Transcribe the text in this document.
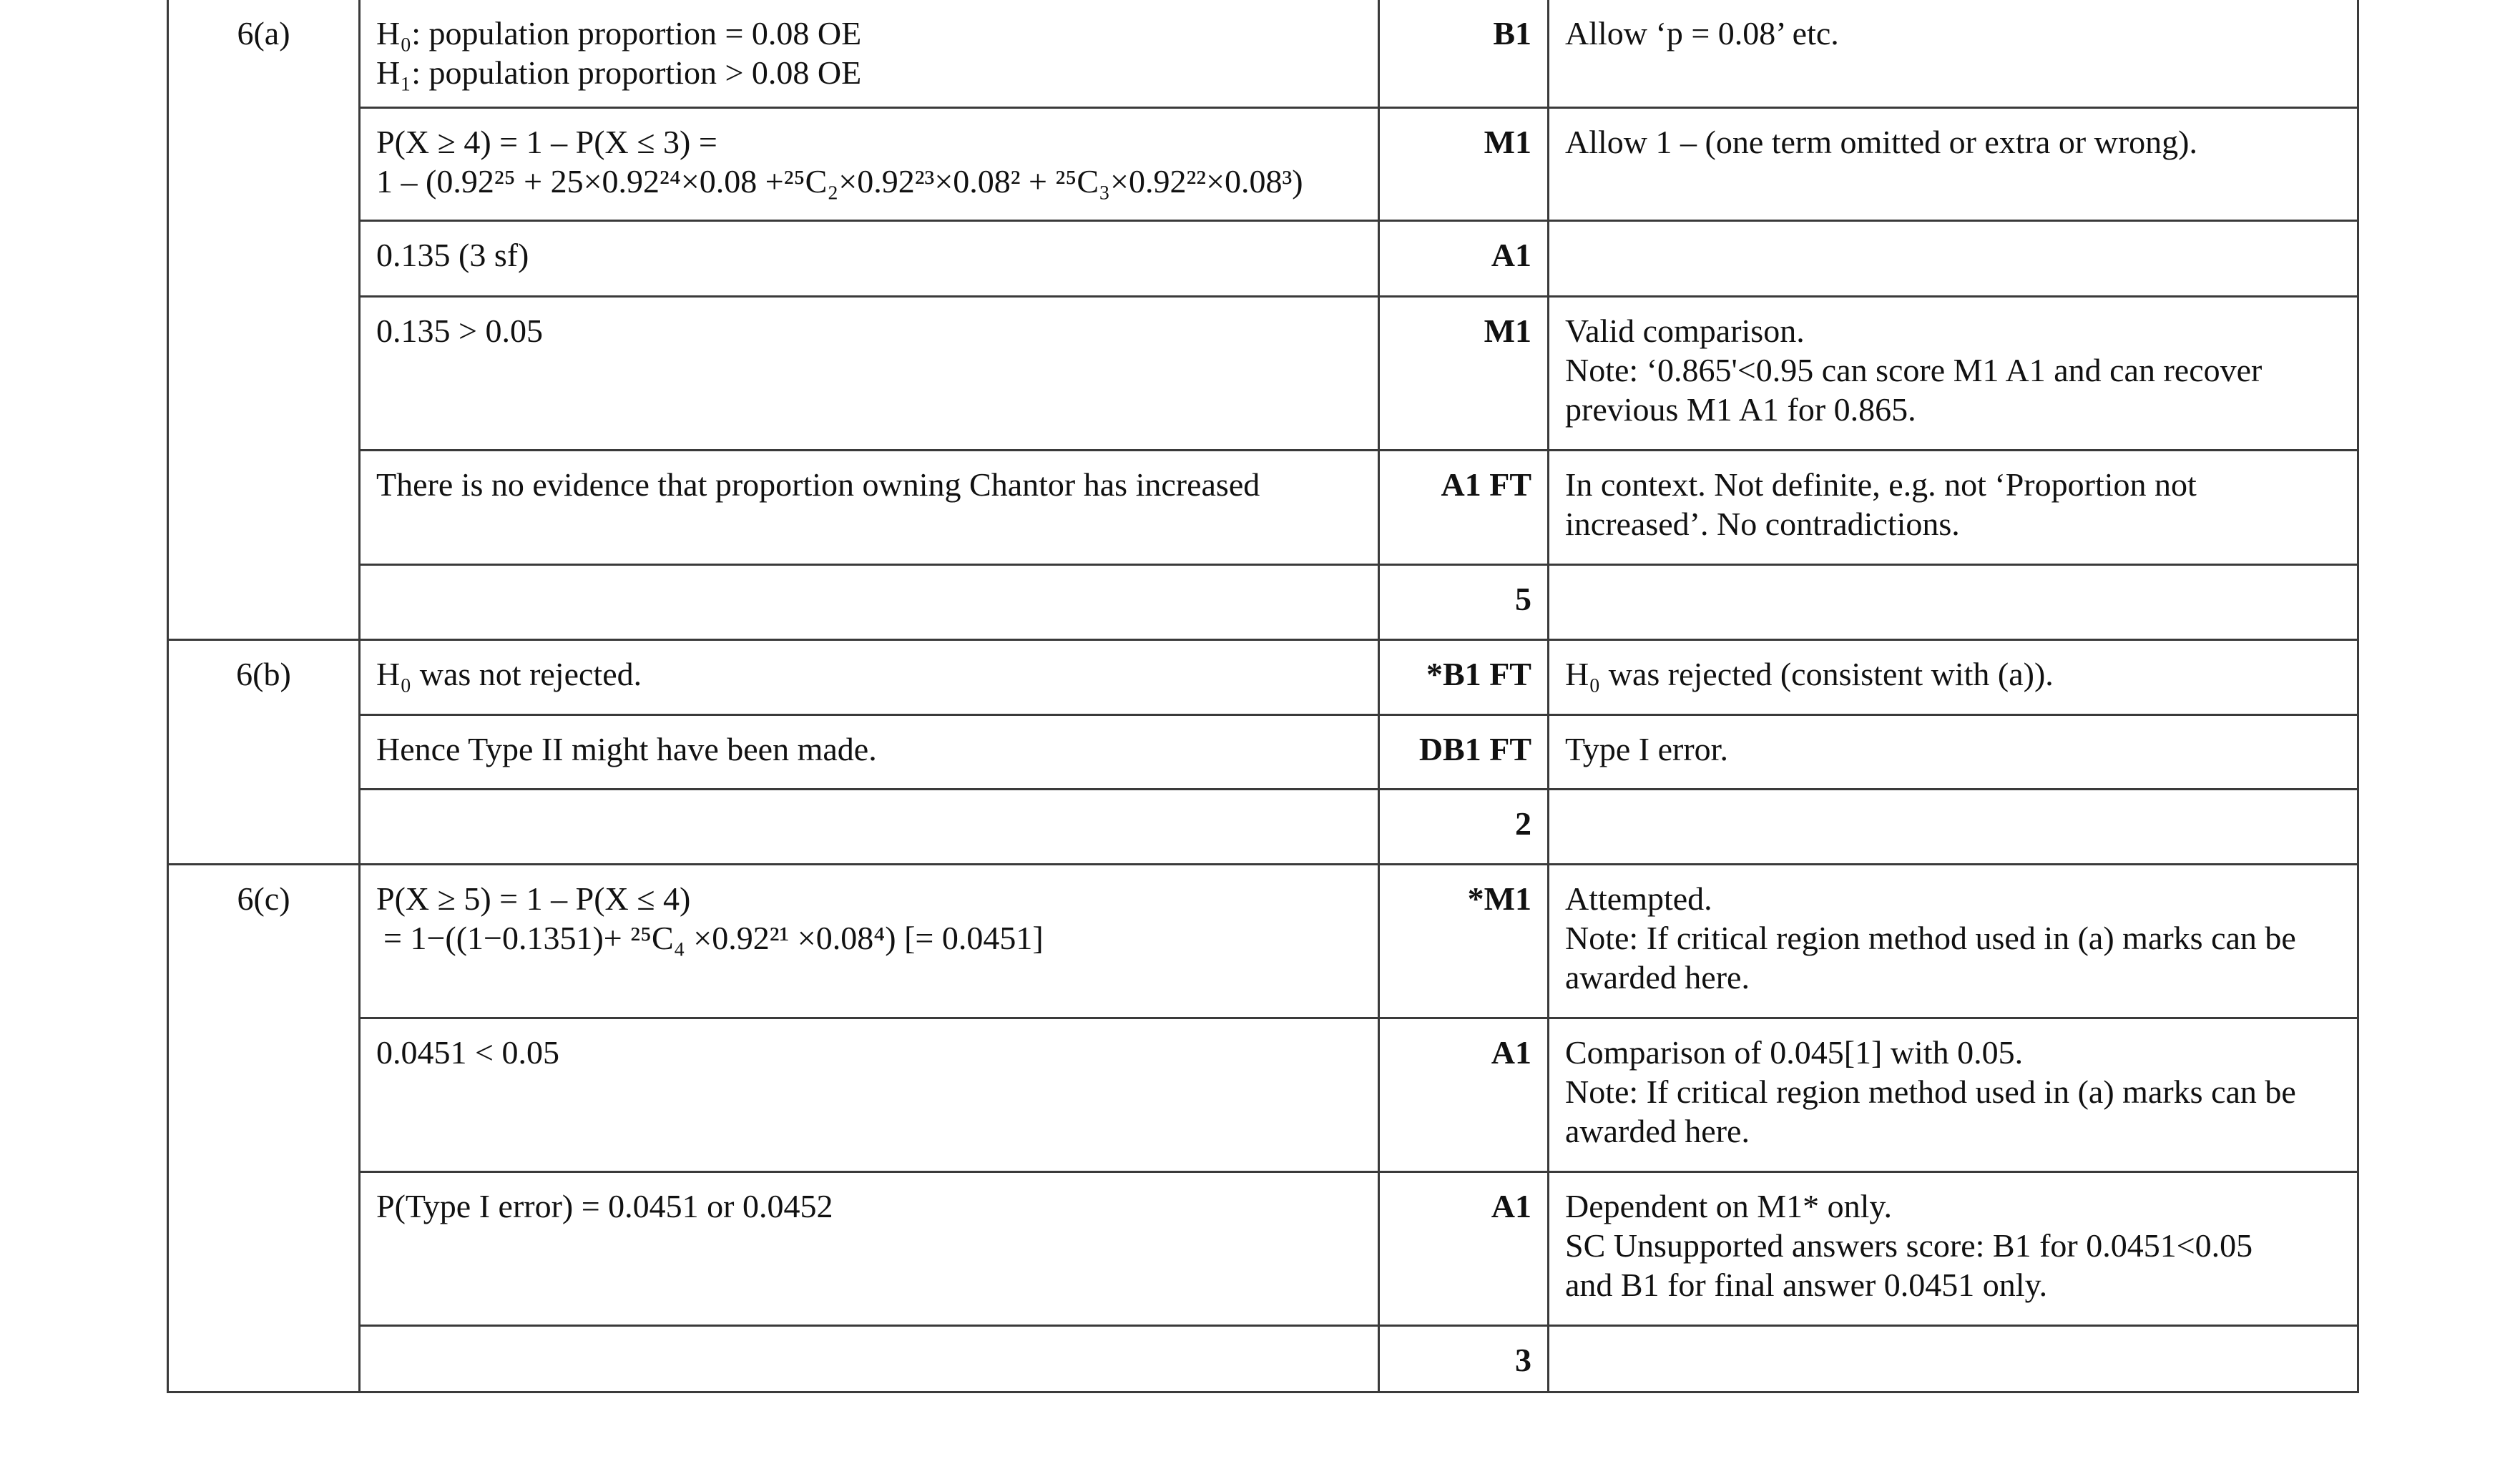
6(a)	H₀: population proportion = 0.08 OE
H₁: population proportion > 0.08 OE	B1	Allow ‘p = 0.08’ etc.

	P(X ≥ 4) = 1 – P(X ≤ 3) =
1 – (0.92²⁵ + 25×0.92²⁴×0.08 +²⁵C₂×0.92²³×0.08² + ²⁵C₃×0.92²²×0.08³)	M1	Allow 1 – (one term omitted or extra or wrong).

	0.135 (3 sf)	A1	

	0.135 > 0.05	M1	Valid comparison.
Note: ‘0.865'<0.95 can score M1 A1 and can recover
previous M1 A1 for 0.865.

	There is no evidence that proportion owning Chantor has increased	A1 FT	In context. Not definite, e.g. not ‘Proportion not
increased’. No contradictions.

		5	
6(b)	H₀ was not rejected.	*B1 FT	H₀ was rejected (consistent with (a)).

	Hence Type II might have been made.	DB1 FT	Type I error.

		2	
6(c)	P(X ≥ 5) = 1 – P(X ≤ 4)
= 1−((1−0.1351)+ ²⁵C₄ ×0.92²¹ ×0.08⁴) [= 0.0451]	*M1	Attempted.
Note: If critical region method used in (a) marks can be
awarded here.

	0.0451 < 0.05	A1	Comparison of 0.045[1] with 0.05.
Note: If critical region method used in (a) marks can be
awarded here.

	P(Type I error) = 0.0451 or 0.0452	A1	Dependent on M1* only.
SC Unsupported answers score: B1 for 0.0451<0.05
and B1 for final answer 0.0451 only.

		3	
